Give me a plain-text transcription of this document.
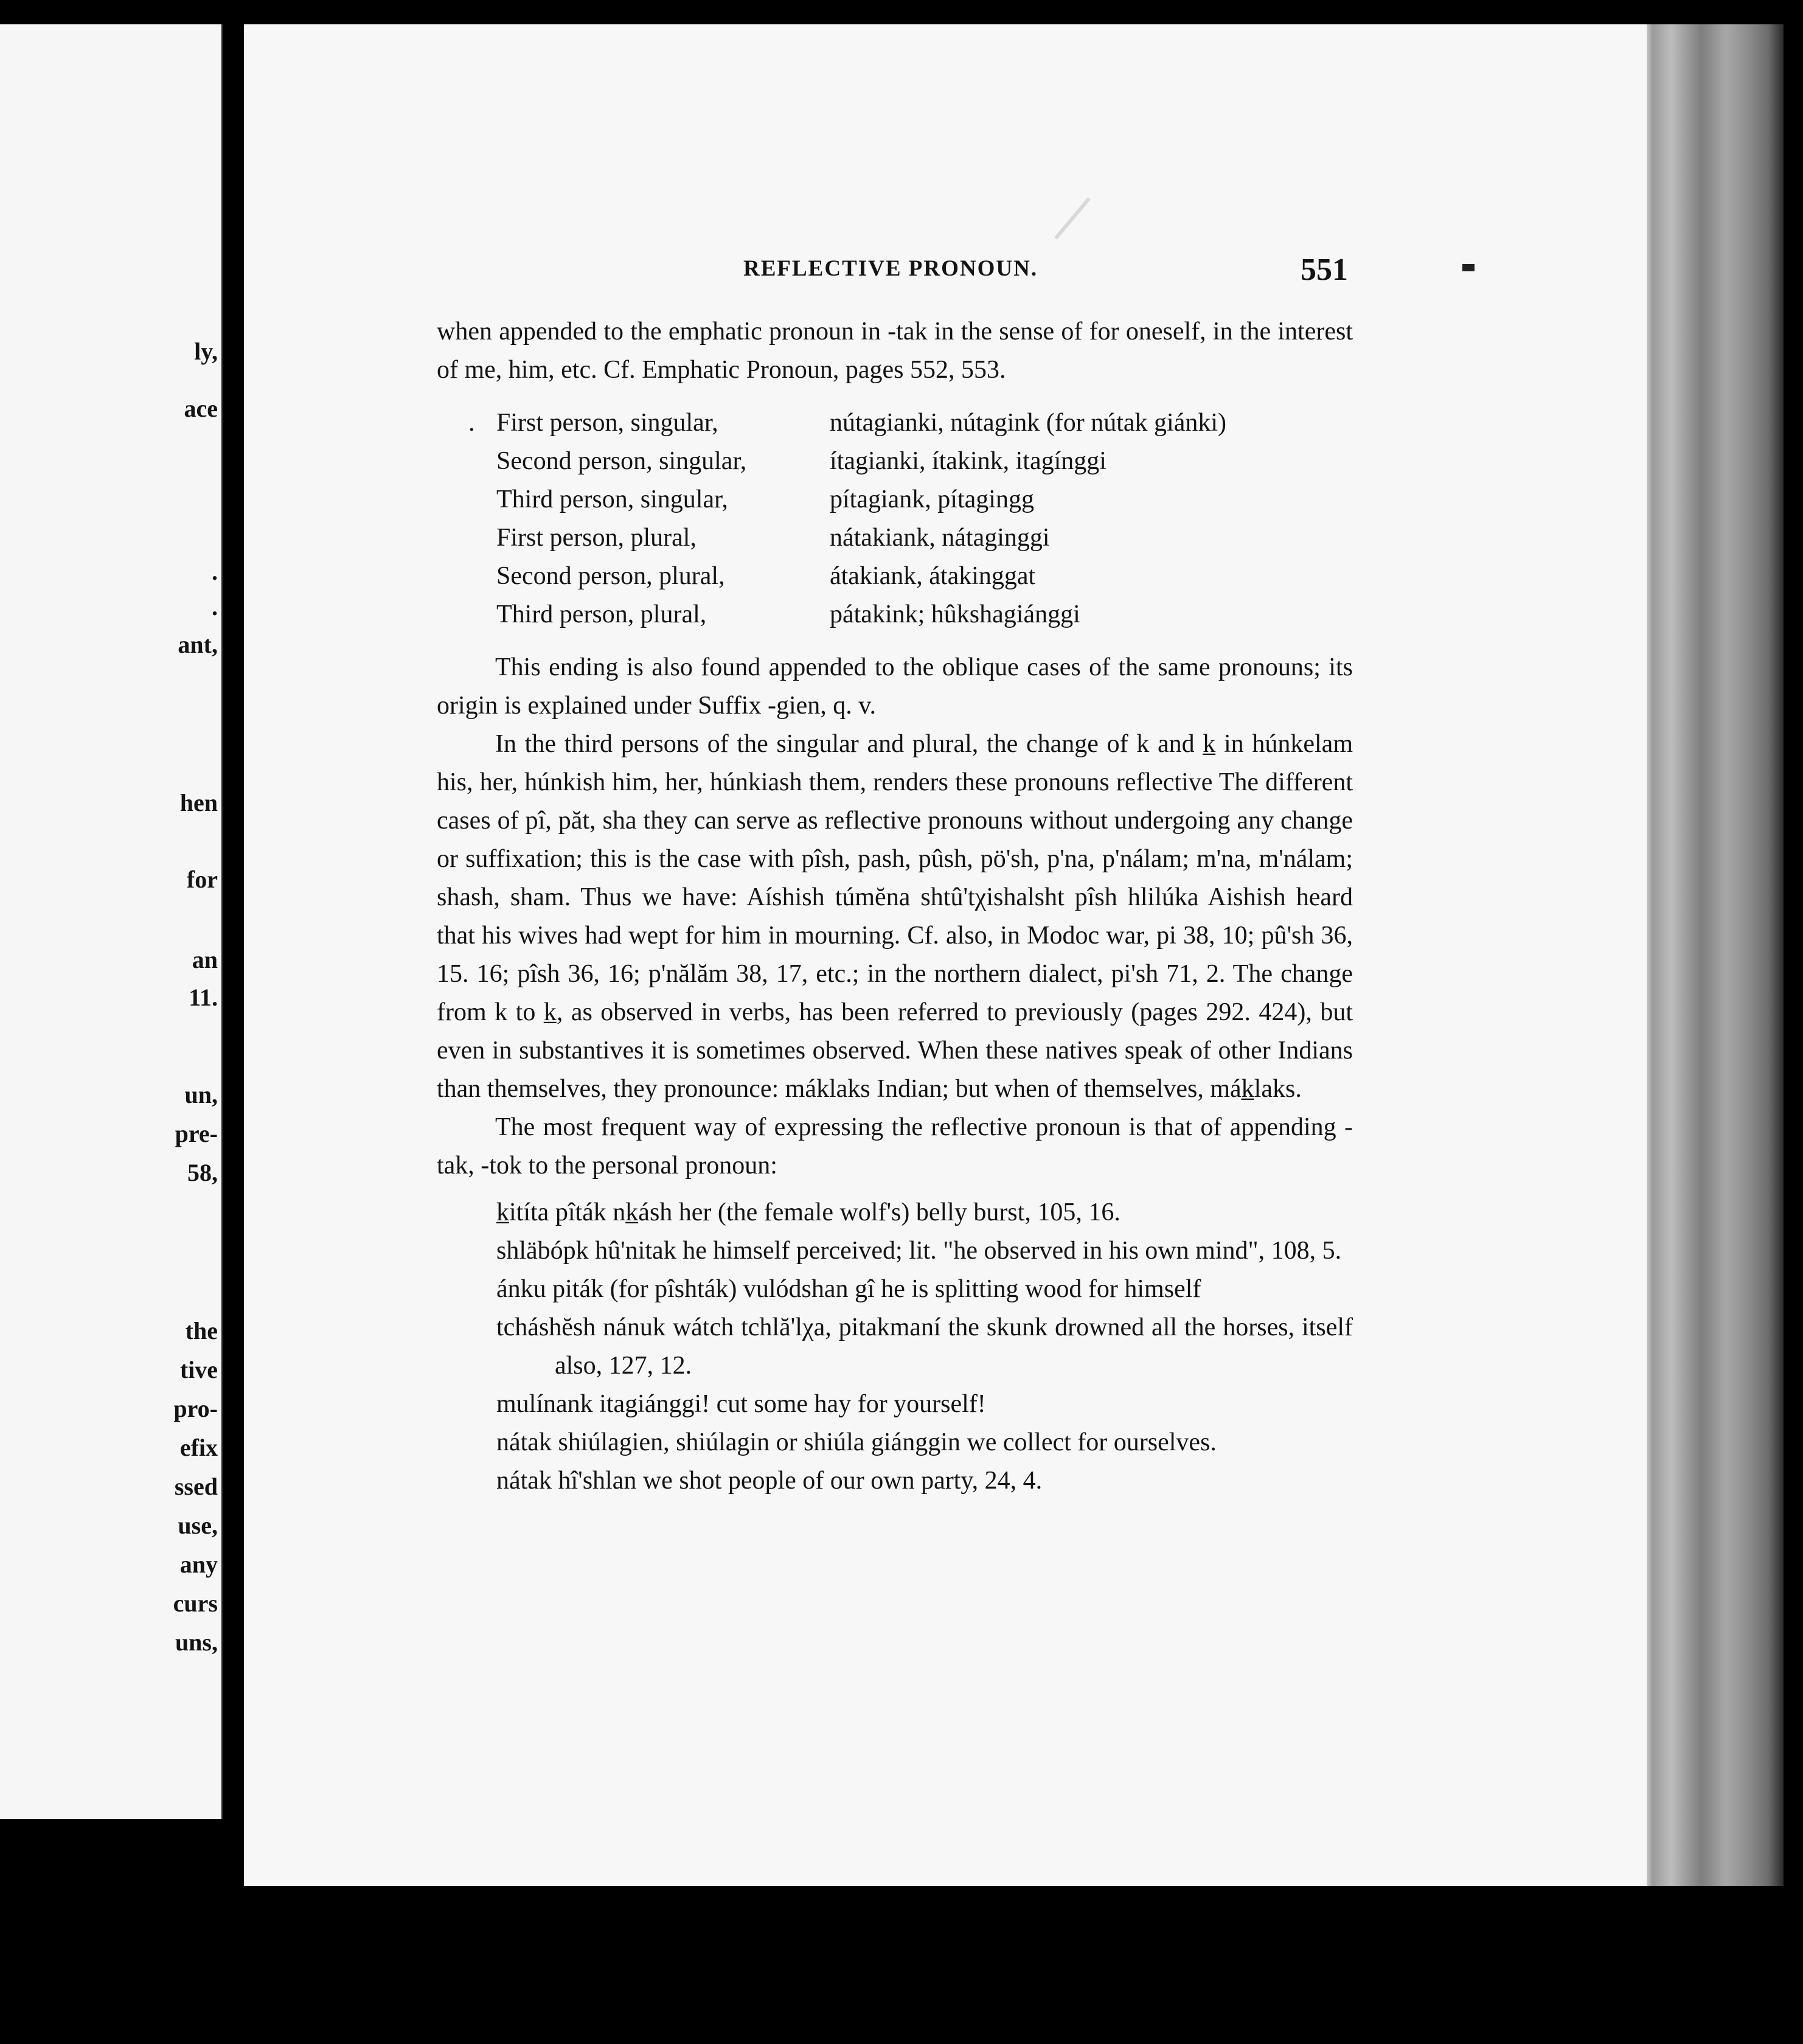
ly,
ace
.
.
ant,
hen
for
an
11.
un,
pre-
58,
the
tive
pro-
efix
ssed
use,
any
curs
uns,
REFLECTIVE PRONOUN.	551

when appended to the emphatic pronoun in -tak in the sense of for oneself, in the interest of me, him, etc. Cf. Emphatic Pronoun, pages 552, 553.

. First person, singular,	nútagianki, nútagink (for nútak giánki)
Second person, singular,	ítagianki, ítakink, itagínggi
Third person, singular,	pítagiank, pítagingg
First person, plural,	nátakiank, nátaginggi
Second person, plural,	átakiank, átakinggat
Third person, plural,	pátakink; hûkshagiánggi

This ending is also found appended to the oblique cases of the same pronouns; its origin is explained under Suffix -gien, q. v.

In the third persons of the singular and plural, the change of k and k̲ in húnkelam his, her, húnkish him, her, húnkiash them, renders these pronouns reflective The different cases of pî, păt, sha they can serve as reflective pronouns without undergoing any change or suffixation; this is the case with pîsh, pash, pûsh, pö'sh, p'na, p'nálam; m'na, m'nálam; shash, sham. Thus we have: Aíshish túmĕna shtû'tχishalsht pîsh hlilúka Aishish heard that his wives had wept for him in mourning. Cf. also, in Modoc war, pi 38, 10; pû'sh 36, 15. 16; pîsh 36, 16; p'nălăm 38, 17, etc.; in the northern dialect, pi'sh 71, 2. The change from k to k̲, as observed in verbs, has been referred to previously (pages 292. 424), but even in substantives it is sometimes observed. When these natives speak of other Indians than themselves, they pronounce: máklaks Indian; but when of themselves, mák̲laks.

The most frequent way of expressing the reflective pronoun is that of appending -tak, -tok to the personal pronoun:

k̲itíta pîták nk̲ásh her (the female wolf's) belly burst, 105, 16.

shläbópk hû'nitak he himself perceived; lit. "he observed in his own mind", 108, 5.

ánku piták (for pîshták) vulódshan gî he is splitting wood for himself

tcháshĕsh nánuk wátch tchlă'lχa, pitakmaní the skunk drowned all the horses, itself also, 127, 12.

mulínank itagiánggi! cut some hay for yourself!

nátak shiúlagien, shiúlagin or shiúla giánggin we collect for ourselves.

nátak hî'shlan we shot people of our own party, 24, 4.
